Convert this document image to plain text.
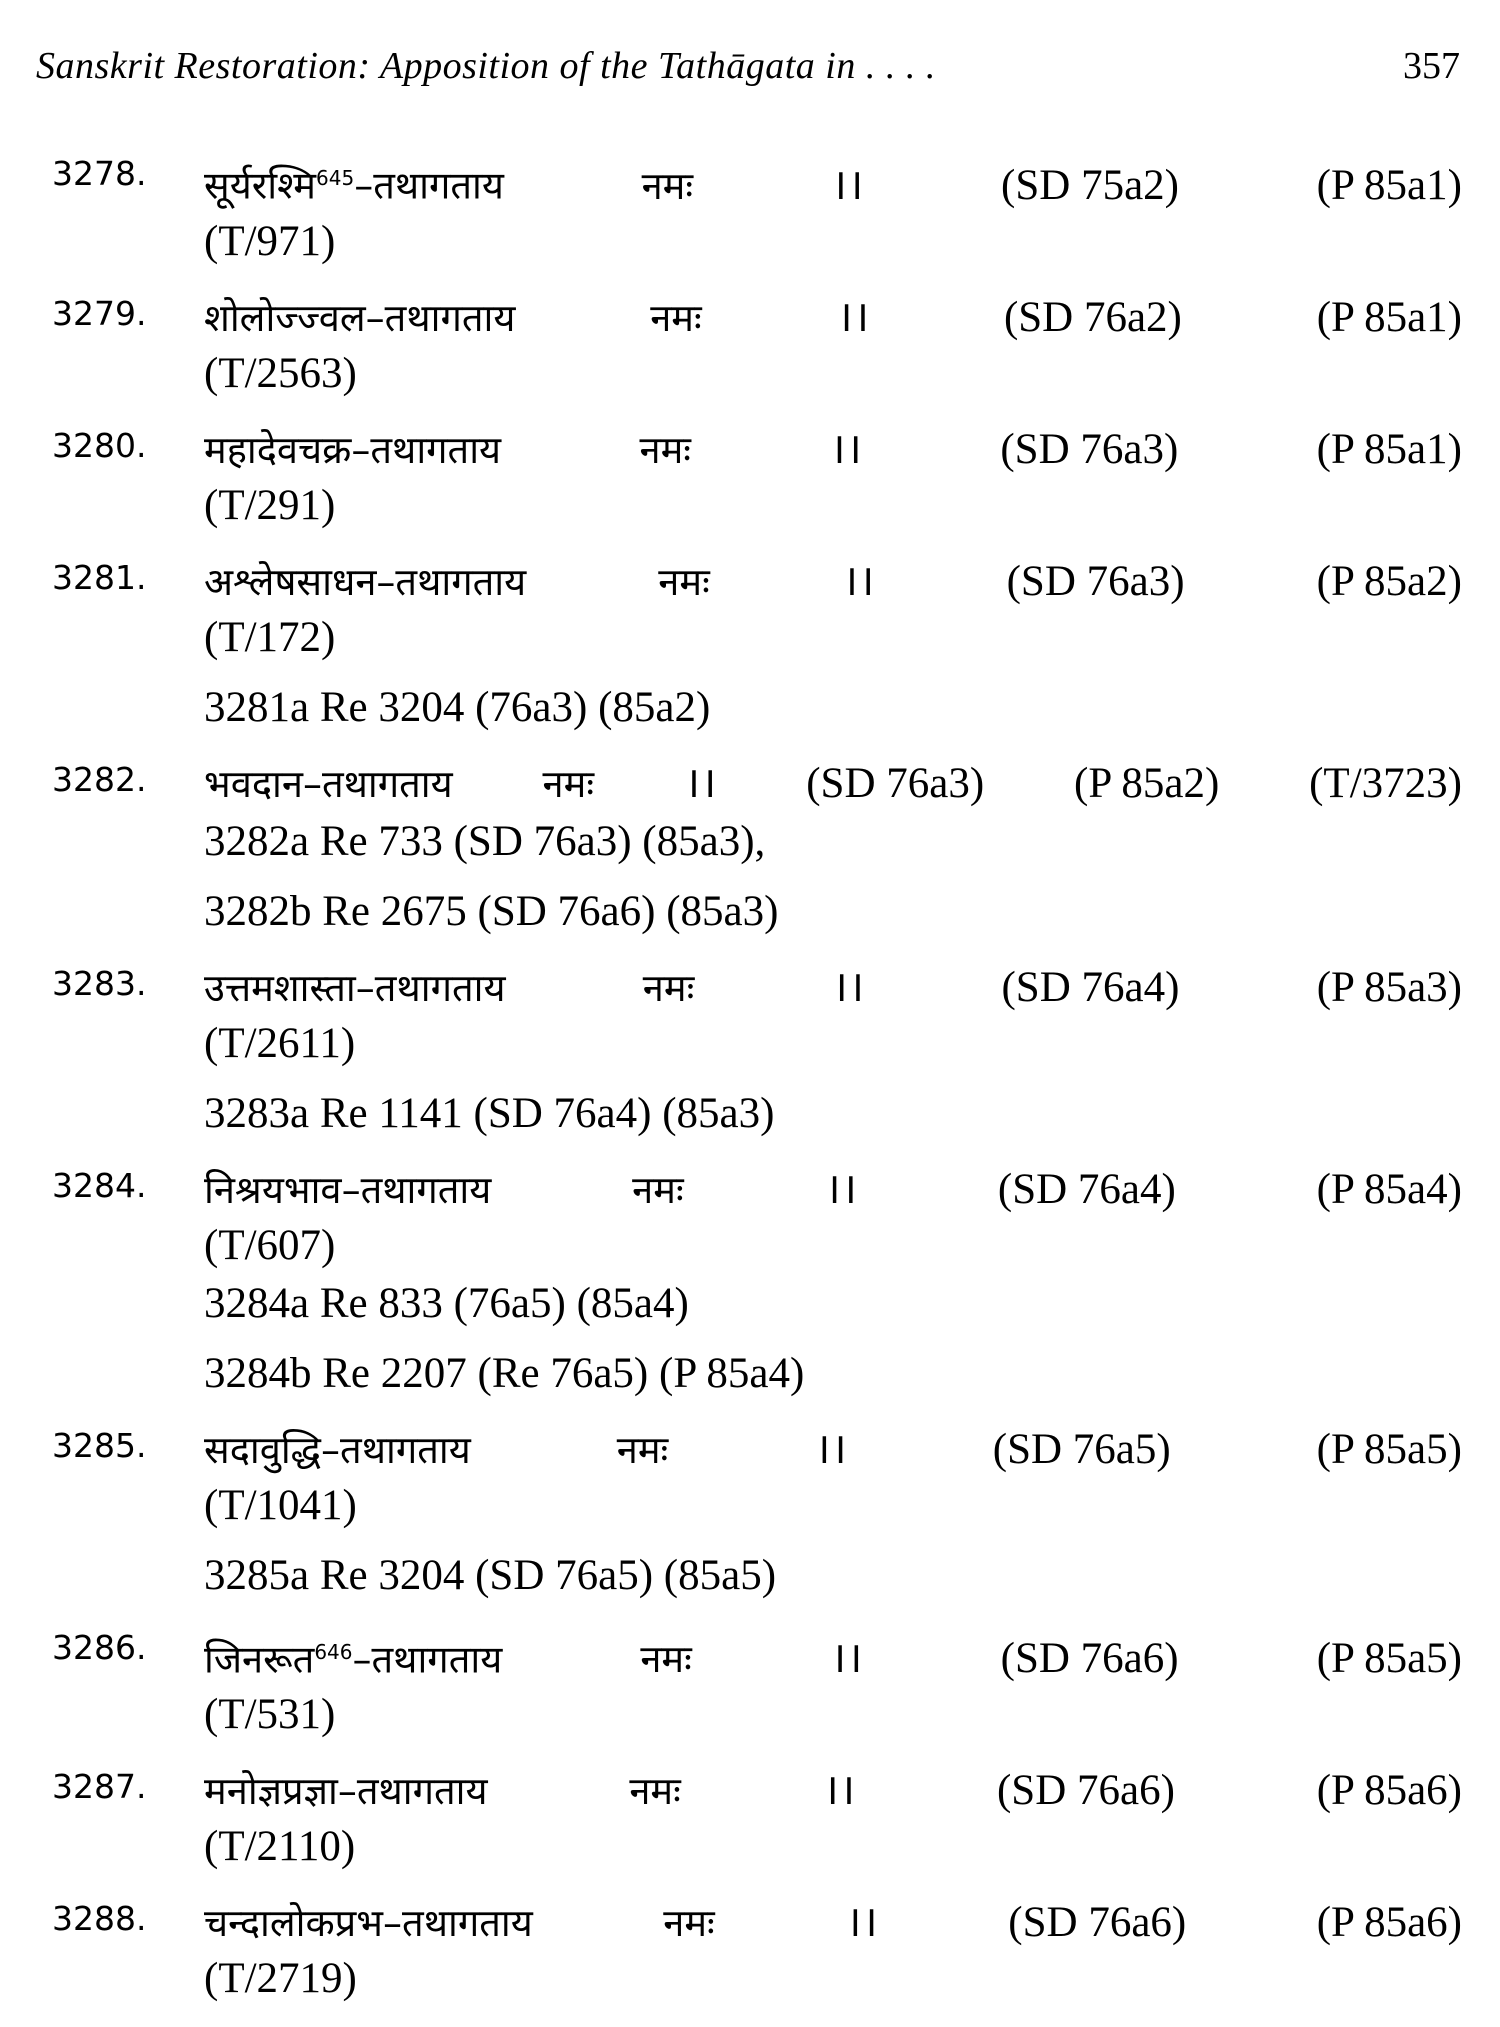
Sanskrit Restoration: Apposition of the Tathāgata in . . . .	357
3278. सूर्यरश्मि$^{645}$–तथागताय	नमः	।।	(SD 75a2)	(P 85a1)
(T/971)
3279. शोलोज्ज्वल–तथागताय	नमः	।।	(SD 76a2)	(P 85a1)
(T/2563)
3280. महादेवचक्र–तथागताय	नमः	।।	(SD 76a3)	(P 85a1)
(T/291)
3281. अश्लेषसाधन–तथागताय	नमः	।।	(SD 76a3)	(P 85a2)
(T/172)
3281a Re 3204 (76a3) (85a2)
3282. भवदान–तथागताय नमः ।। (SD 76a3) (P 85a2) (T/3723)
3282a Re 733 (SD 76a3) (85a3),
3282b Re 2675 (SD 76a6) (85a3)
3283. उत्तमशास्ता–तथागताय	नमः	।।	(SD 76a4)	(P 85a3)
(T/2611)
3283a Re 1141 (SD 76a4) (85a3)
3284. निश्रयभाव–तथागताय	नमः	।।	(SD 76a4)	(P 85a4)
(T/607)
3284a Re 833 (76a5) (85a4)
3284b Re 2207 (Re 76a5) (P 85a4)
3285. सदावुद्धि–तथागताय	नमः	।।	(SD 76a5)	(P 85a5)
(T/1041)
3285a Re 3204 (SD 76a5) (85a5)
3286. जिनरूत$^{646}$–तथागताय	नमः	।।	(SD 76a6)	(P 85a5)
(T/531)
3287. मनोज्ञप्रज्ञा–तथागताय	नमः	।।	(SD 76a6)	(P 85a6)
(T/2110)
3288. चन्दालोकप्रभ–तथागताय	नमः	।।	(SD 76a6)	(P 85a6)
(T/2719)
